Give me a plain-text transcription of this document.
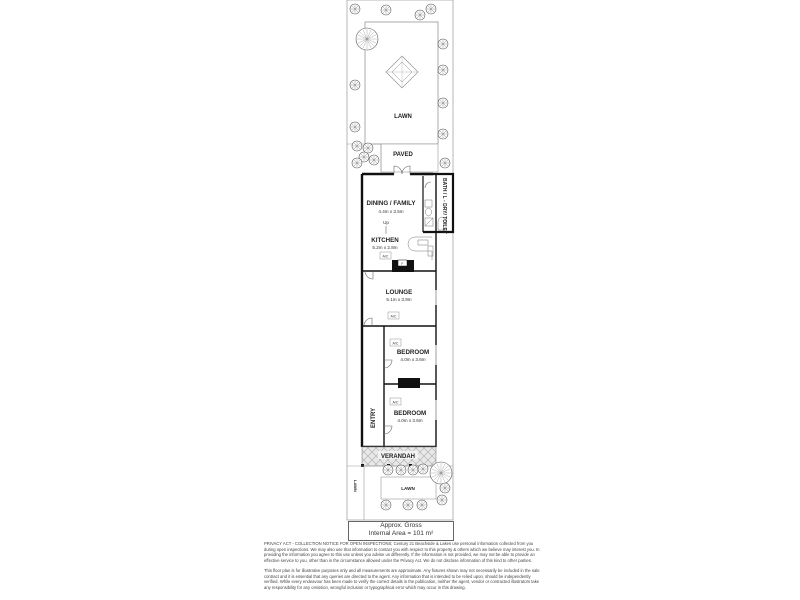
LAWN
PAVED
F
DINING / FAMILY
4.4m x 3.5m
Up
KITCHEN
5.2m x 2.8m
A/C
BATH / L - DRY/ TOILET
LOUNGE
5.1m x 3.9m
A/C
A/C
BEDROOM
4.0m x 3.6m
A/C
BEDROOM
4.0m x 3.6m
ENTRY
VERANDAH
LAWN
LAWN
Approx. Gross
Internal Area = 101 m²
PRIVACY ACT - COLLECTION NOTICE FOR OPEN INSPECTIONS; Century 21 Beachside & Lakes use personal information collected from you during open inspections. We may also use that information to contact you with respect to this property & others which we believe may interest you. In providing the information you agree to this use unless you advise us differently. If the information is not provided, we may not be able to provide an effective service to you, other than in the circumstance allowed under the Privacy Act. We do not disclose information of this kind to other parties.
This floor plan is for illustrative purposes only and all measurements are approximate. Any fixtures shown may not necessarily be included in the sale contract and it is essential that any queries are directed to the agent. Any information that is intended to be relied upon, should be independently verified. While every endeavour has been made to verify the correct details in the publication, neither the agent, vendor or contracted illustrators take any responsibility for any omission, wrongful inclusion or typographical error which may occur in this drawing.
